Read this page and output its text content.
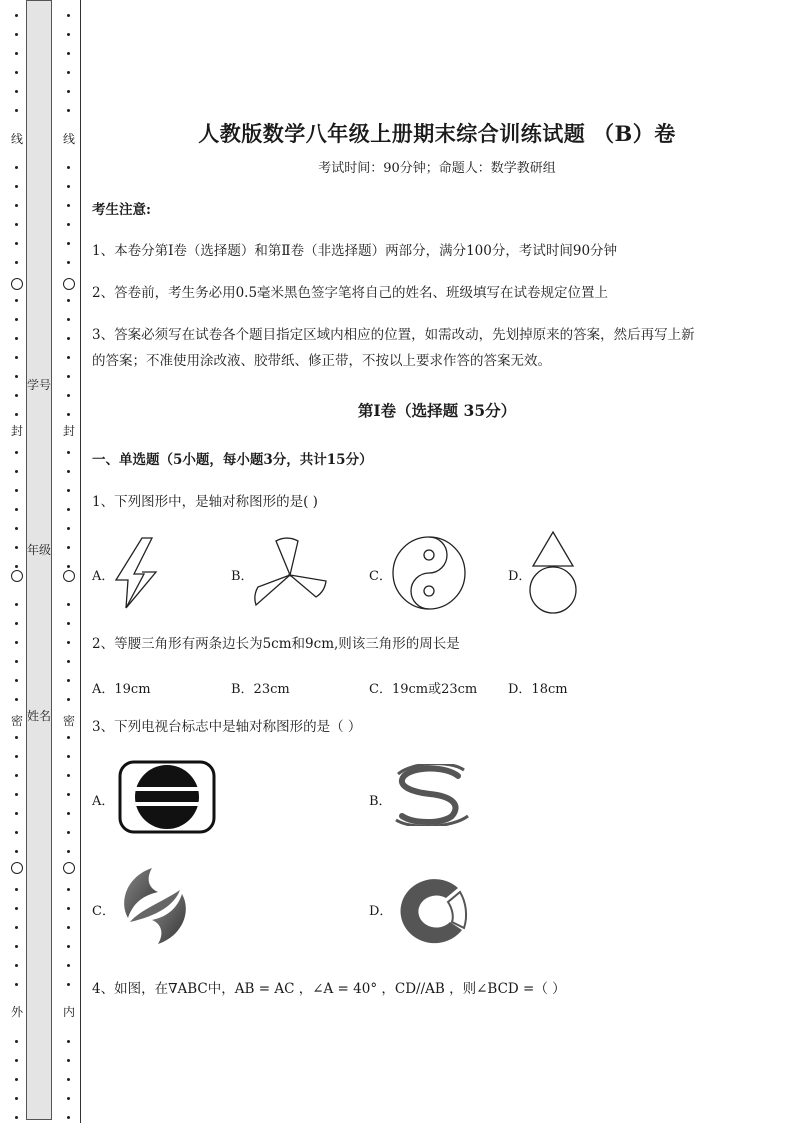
线
封
密
外
学号
年级
姓名
线
封
密
内
人教版数学八年级上册期末综合训练试题 （B）卷
考试时间：90分钟；命题人：数学教研组
考生注意:
1、本卷分第Ⅰ卷（选择题）和第Ⅱ卷（非选择题）两部分，满分100分，考试时间90分钟
2、答卷前，考生务必用0.5毫米黑色签字笔将自己的姓名、班级填写在试卷规定位置上
3、答案必须写在试卷各个题目指定区域内相应的位置，如需改动，先划掉原来的答案，然后再写上新
的答案；不准使用涂改液、胶带纸、修正带，不按以上要求作答的答案无效。
第Ⅰ卷（选择题 35分）
一、单选题（5小题，每小题3分，共计15分）
1、下列图形中，是轴对称图形的是( )
A．	B．	C．	D．
2、等腰三角形有两条边长为5cm和9cm,则该三角形的周长是
A．19cm	B．23cm	C．19cm或23cm D．18cm
3、下列电视台标志中是轴对称图形的是（ ）
A．	B．
C．	D．
4、如图，在∇ABC中，AB = AC ，∠A = 40° ，CD//AB ，则∠BCD =（ ）
